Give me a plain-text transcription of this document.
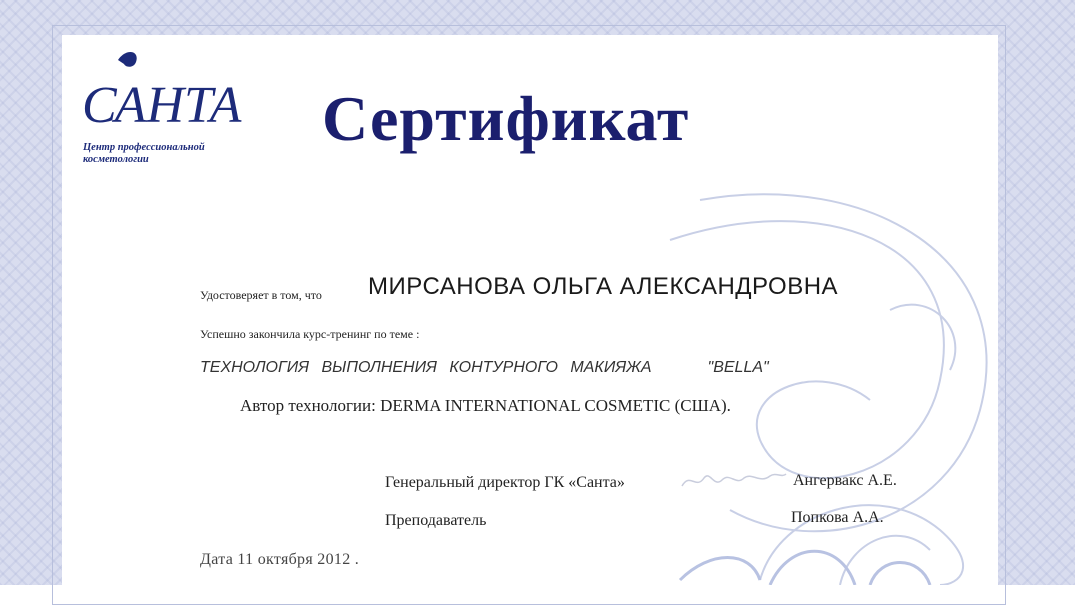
САНТА
Центр профессиональной
косметологии
Сертификат
Удостоверяет в том, что МИРСАНОВА ОЛЬГА АЛЕКСАНДРОВНА
Успешно закончила курс-тренинг по теме :
ТЕХНОЛОГИЯ ВЫПОЛНЕНИЯ КОНТУРНОГО МАКИЯЖА	"BELLA"
Автор технологии: DERMA INTERNATIONAL COSMETIC (США).
Генеральный директор ГК «Санта»	Ангервакс А.Е.
Преподаватель	Попкова А.А.
Дата 11 октября 2012 .
